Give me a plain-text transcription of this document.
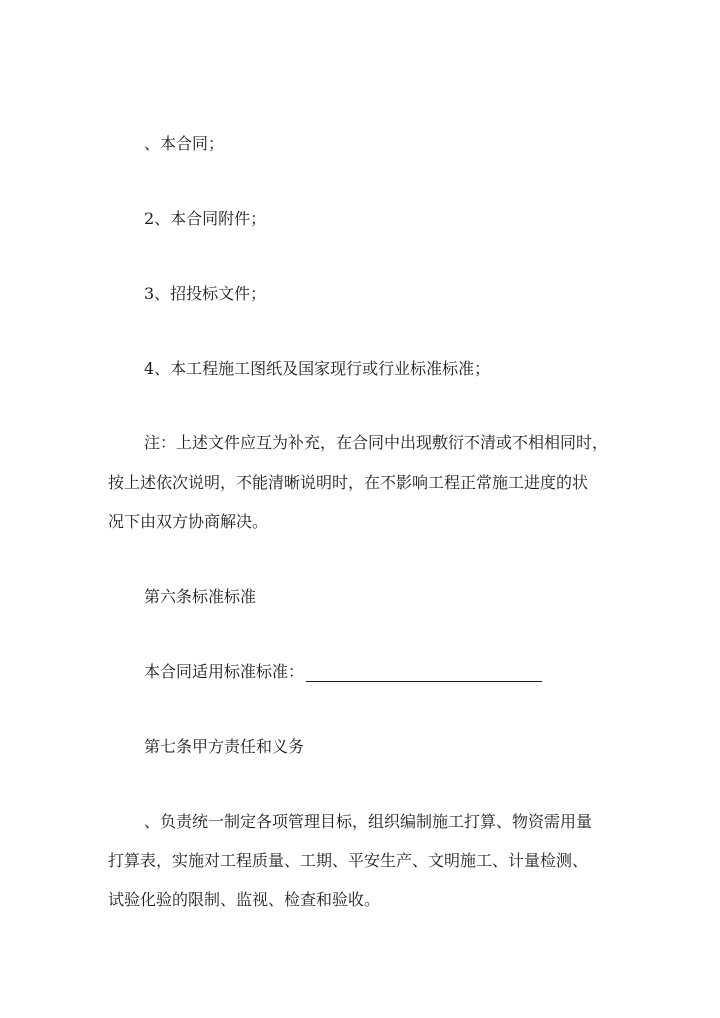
、本合同；
2、本合同附件；
3、招投标文件；
4、本工程施工图纸及国家现行或行业标准标准；
注：上述文件应互为补充，在合同中出现敷衍不清或不相相同时，
按上述依次说明，不能清晰说明时，在不影响工程正常施工进度的状
况下由双方协商解决。
第六条标准标准
本合同适用标准标准：
第七条甲方责任和义务
、负责统一制定各项管理目标，组织编制施工打算、物资需用量
打算表，实施对工程质量、工期、平安生产、文明施工、计量检测、
试验化验的限制、监视、检查和验收。
